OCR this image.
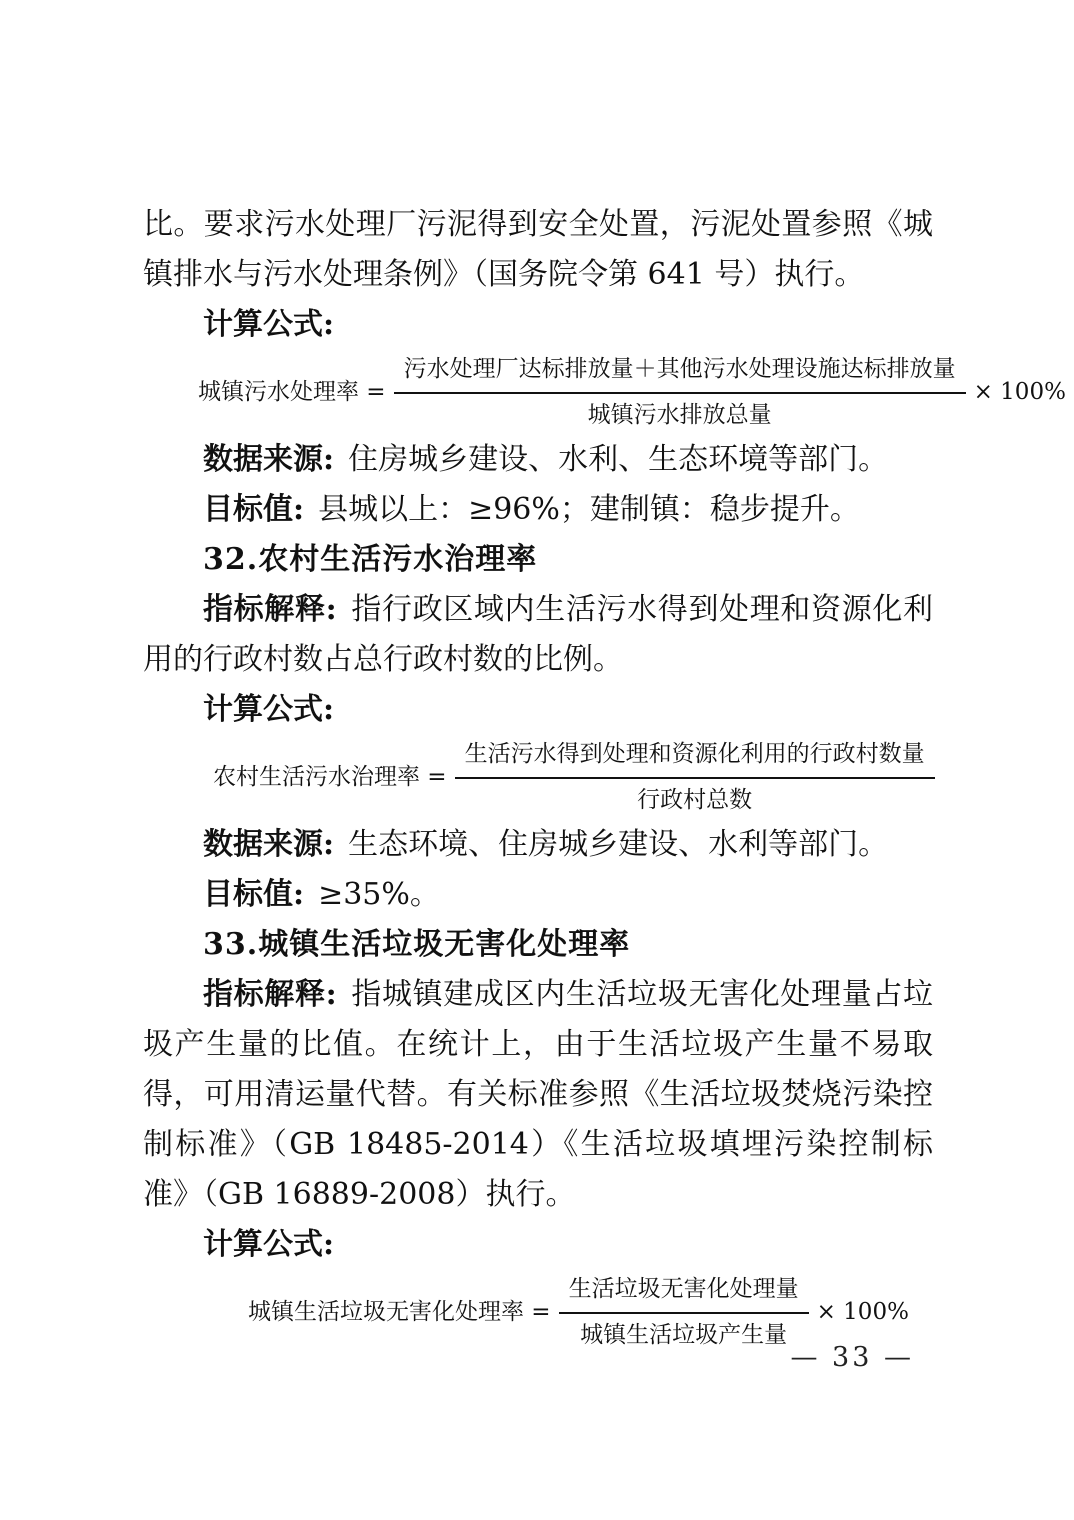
比。要求污水处理厂污泥得到安全处置，污泥处置参照《城镇排水与污水处理条例》（国务院令第 641 号）执行。

计算公式:

城镇污水处理率 = $\frac{\text{污水处理厂达标排放量＋其他污水处理设施达标排放量}}{\text{城镇污水排放总量}} \times 100\%$

数据来源: 住房城乡建设、水利、生态环境等部门。

目标值: 县城以上：≥96%；建制镇：稳步提升。

32.农村生活污水治理率

指标解释: 指行政区域内生活污水得到处理和资源化利用的行政村数占总行政村数的比例。

计算公式:

农村生活污水治理率 = $\frac{\text{生活污水得到处理和资源化利用的行政村数量}}{\text{行政村总数}}$

数据来源: 生态环境、住房城乡建设、水利等部门。

目标值: ≥35%。

33.城镇生活垃圾无害化处理率

指标解释: 指城镇建成区内生活垃圾无害化处理量占垃圾产生量的比值。在统计上，由于生活垃圾产生量不易取得，可用清运量代替。有关标准参照《生活垃圾焚烧污染控制标准》（GB 18485-2014）《生活垃圾填埋污染控制标准》（GB 16889-2008）执行。

计算公式:

城镇生活垃圾无害化处理率 = $\frac{\text{生活垃圾无害化处理量}}{\text{城镇生活垃圾产生量}} \times 100\%$
— 33 —
